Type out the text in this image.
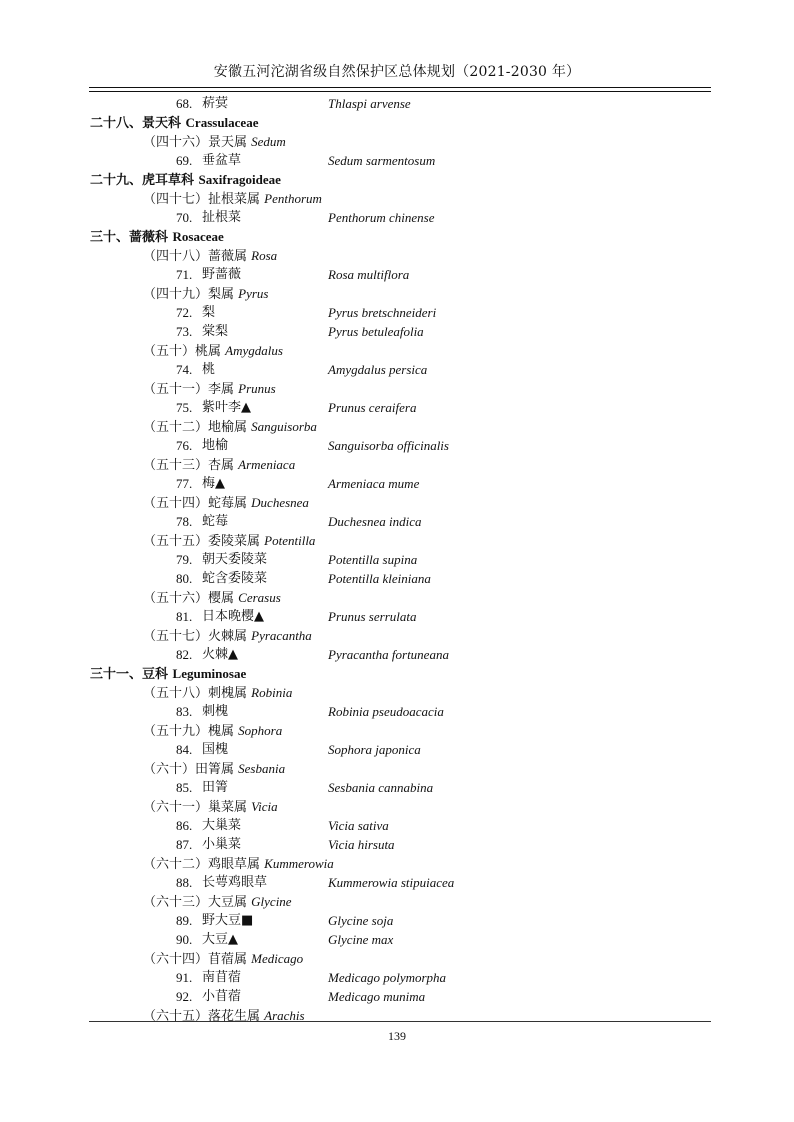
安徽五河沱湖省级自然保护区总体规划（2021-2030 年）
68. 菥蓂	Thlaspi arvense
二十八、景天科 Crassulaceae
（四十六）景天属 Sedum
69. 垂盆草	Sedum sarmentosum
二十九、虎耳草科 Saxifragoideae
（四十七）扯根菜属 Penthorum
70. 扯根菜	Penthorum chinense
三十、蔷薇科 Rosaceae
（四十八）蔷薇属 Rosa
71. 野蔷薇	Rosa multiflora
（四十九）梨属 Pyrus
72. 梨	Pyrus bretschneideri
73. 棠梨	Pyrus betuleafolia
（五十）桃属 Amygdalus
74. 桃	Amygdalus persica
（五十一）李属 Prunus
75. 紫叶李▲	Prunus ceraifera
（五十二）地榆属 Sanguisorba
76. 地榆	Sanguisorba officinalis
（五十三）杏属 Armeniaca
77. 梅▲	Armeniaca mume
（五十四）蛇莓属 Duchesnea
78. 蛇莓	Duchesnea indica
（五十五）委陵菜属 Potentilla
79. 朝天委陵菜	Potentilla supina
80. 蛇含委陵菜	Potentilla kleiniana
（五十六）樱属 Cerasus
81. 日本晚樱▲	Prunus serrulata
（五十七）火棘属 Pyracantha
82. 火棘▲	Pyracantha fortuneana
三十一、豆科 Leguminosae
（五十八）刺槐属 Robinia
83. 刺槐	Robinia pseudoacacia
（五十九）槐属 Sophora
84. 国槐	Sophora japonica
（六十）田箐属 Sesbania
85. 田箐	Sesbania cannabina
（六十一）巢菜属 Vicia
86. 大巢菜	Vicia sativa
87. 小巢菜	Vicia hirsuta
（六十二）鸡眼草属 Kummerowia
88. 长萼鸡眼草	Kummerowia stipuiacea
（六十三）大豆属 Glycine
89. 野大豆■	Glycine soja
90. 大豆▲	Glycine max
（六十四）苜蓿属 Medicago
91. 南苜蓿	Medicago polymorpha
92. 小苜蓿	Medicago munima
（六十五）落花生属 Arachis
139
